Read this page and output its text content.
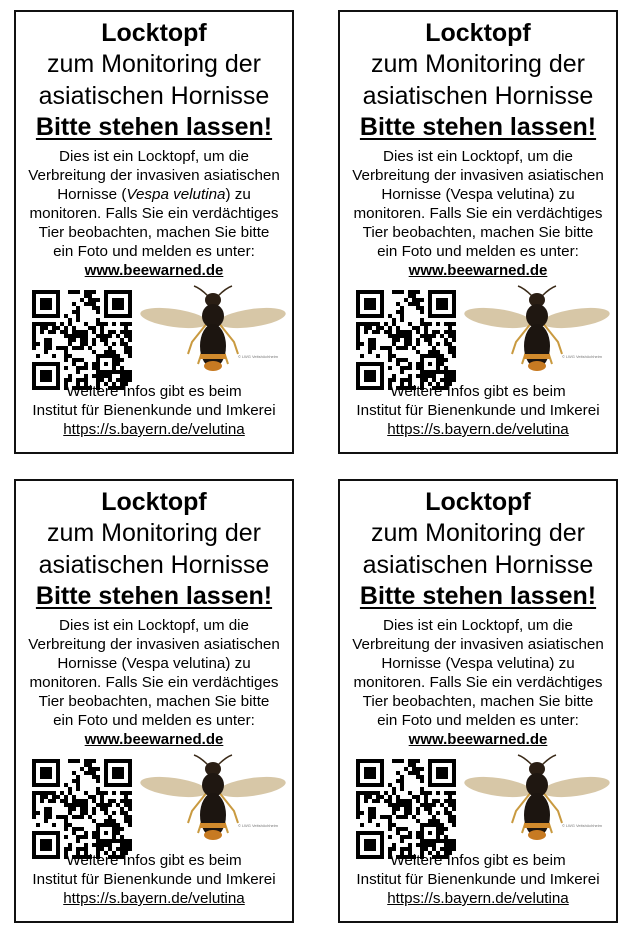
Locktopf
zum Monitoring der
asiatischen Hornisse
Bitte stehen lassen!
Dies ist ein Locktopf, um die
Verbreitung der invasiven asiatischen
Hornisse (Vespa velutina) zu
monitoren. Falls Sie ein verdächtiges
Tier beobachten, machen Sie bitte
ein Foto und melden es unter:
www.beewarned.de
© LWG Veitshöchheim
Weitere Infos gibt es beim
Institut für Bienenkunde und Imkerei
https://s.bayern.de/velutina
Locktopf
zum Monitoring der
asiatischen Hornisse
Bitte stehen lassen!
Dies ist ein Locktopf, um die
Verbreitung der invasiven asiatischen
Hornisse (Vespa velutina) zu
monitoren. Falls Sie ein verdächtiges
Tier beobachten, machen Sie bitte
ein Foto und melden es unter:
www.beewarned.de
© LWG Veitshöchheim
Weitere Infos gibt es beim
Institut für Bienenkunde und Imkerei
https://s.bayern.de/velutina
Locktopf
zum Monitoring der
asiatischen Hornisse
Bitte stehen lassen!
Dies ist ein Locktopf, um die
Verbreitung der invasiven asiatischen
Hornisse (Vespa velutina) zu
monitoren. Falls Sie ein verdächtiges
Tier beobachten, machen Sie bitte
ein Foto und melden es unter:
www.beewarned.de
© LWG Veitshöchheim
Weitere Infos gibt es beim
Institut für Bienenkunde und Imkerei
https://s.bayern.de/velutina
Locktopf
zum Monitoring der
asiatischen Hornisse
Bitte stehen lassen!
Dies ist ein Locktopf, um die
Verbreitung der invasiven asiatischen
Hornisse (Vespa velutina) zu
monitoren. Falls Sie ein verdächtiges
Tier beobachten, machen Sie bitte
ein Foto und melden es unter:
www.beewarned.de
© LWG Veitshöchheim
Weitere Infos gibt es beim
Institut für Bienenkunde und Imkerei
https://s.bayern.de/velutina
